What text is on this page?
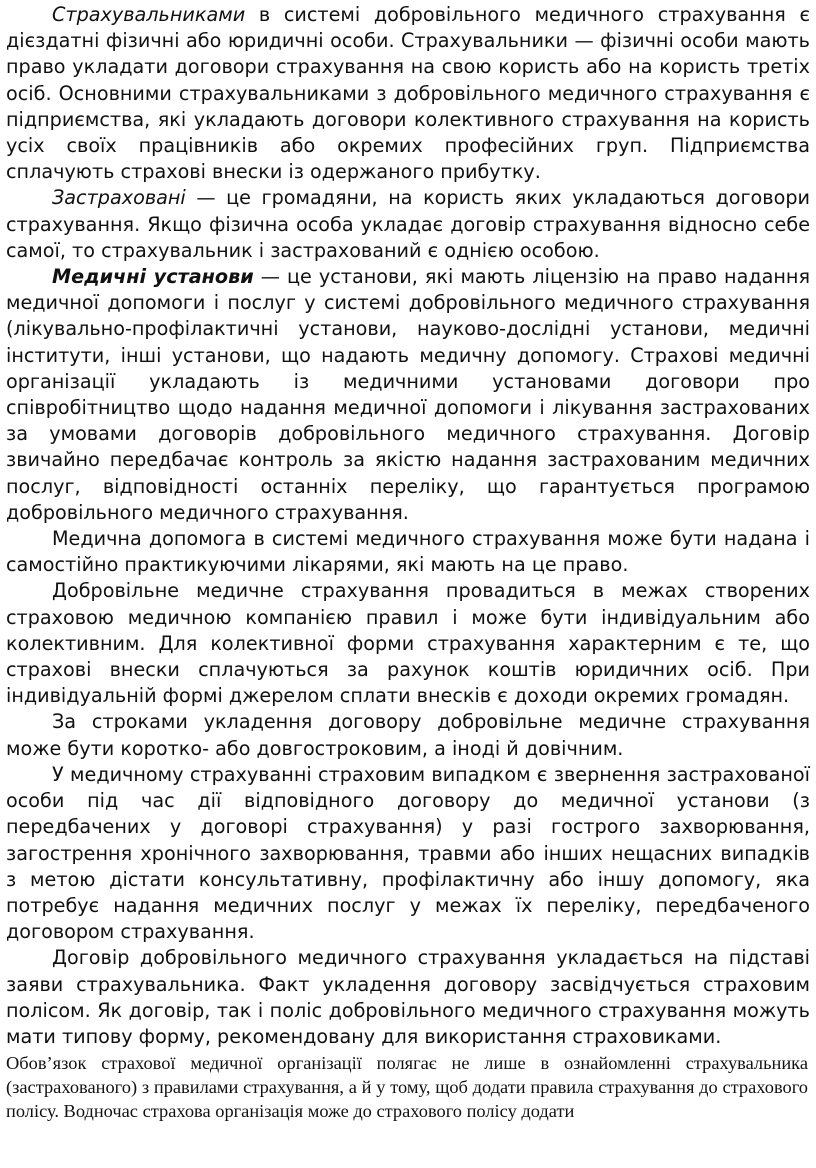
Страхувальниками в системі добровільного медичного страхування є дієздатні фізичні або юридичні особи. Страхувальники — фізичні особи мають право укладати договори страхування на свою користь або на користь третіх осіб. Основними страхувальниками з добровільного медичного страхування є підприємства, які укладають договори колективного страхування на користь усіх своїх працівників або окремих професійних груп. Підприємства сплачують страхові внески із одержаного прибутку.

Застраховані — це громадяни, на користь яких укладаються договори страхування. Якщо фізична особа укладає договір страхування відносно себе самої, то страхувальник і застрахований є однією особою.

Медичні установи — це установи, які мають ліцензію на право надання медичної допомоги і послуг у системі добровільного медичного страхування (лікувально-профілактичні установи, науково-дослідні установи, медичні інститути, інші установи, що надають медичну допомогу. Страхові медичні організації укладають із медичними установами договори про співробітництво щодо надання медичної допомоги і лікування застрахованих за умовами договорів добровільного медичного страхування. Договір звичайно передбачає контроль за якістю надання застрахованим медичних послуг, відповідності останніх переліку, що гарантується програмою добровільного медичного страхування.

Медична допомога в системі медичного страхування може бути надана і самостійно практикуючими лікарями, які мають на це право.

Добровільне медичне страхування провадиться в межах створених страховою медичною компанією правил і може бути індивідуальним або колективним. Для колективної форми страхування характерним є те, що страхові внески сплачуються за рахунок коштів юридичних осіб. При індивідуальній формі джерелом сплати внесків є доходи окремих громадян.

За строками укладення договору добровільне медичне страхування може бути коротко- або довгостроковим, а іноді й довічним.

У медичному страхуванні страховим випадком є звернення застрахованої особи під час дії відповідного договору до медичної установи (з передбачених у договорі страхування) у разі гострого захворювання, загострення хронічного захворювання, травми або інших нещасних випадків з метою дістати консультативну, профілактичну або іншу допомогу, яка потребує надання медичних послуг у межах їх переліку, передбаченого договором страхування.

Договір добровільного медичного страхування укладається на підставі заяви страхувальника. Факт укладення договору засвідчується страховим полісом. Як договір, так і поліс добровільного медичного страхування можуть мати типову форму, рекомендовану для використання страховиками.

Обов’язок страхової медичної організації полягає не лише в ознайомленні страхувальника (застрахованого) з правилами страхування, а й у тому, щоб додати правила страхування до страхового полісу. Водночас страхова організація може до страхового полісу додати
